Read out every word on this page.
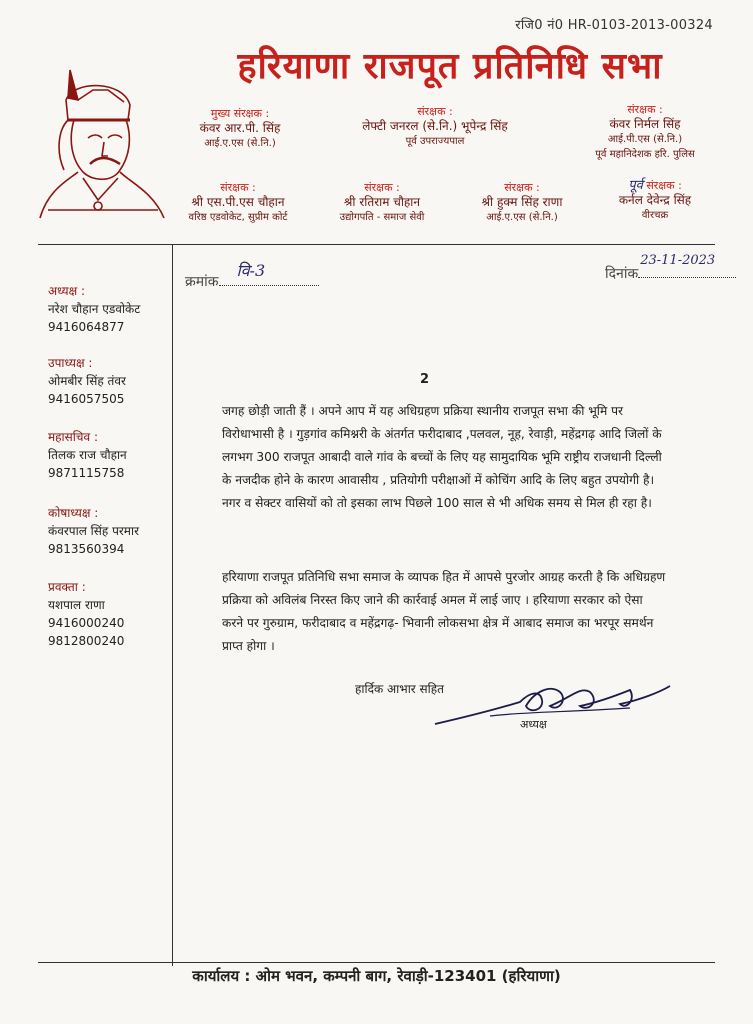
रजि0 नं0 HR-0103-2013-00324
हरियाणा राजपूत प्रतिनिधि सभा
मुख्य संरक्षक :
कंवर आर.पी. सिंह
आई.ए.एस (से.नि.)
संरक्षक :
लेफ्टी जनरल (से.नि.) भूपेन्द्र सिंह
पूर्व उपराज्यपाल
संरक्षक :
कंवर निर्मल सिंह
आई.पी.एस (से.नि.)
पूर्व महानिदेशक हरि. पुलिस
संरक्षक :
श्री एस.पी.एस चौहान
वरिष्ठ एडवोकेट, सुप्रीम कोर्ट
संरक्षक :
श्री रतिराम चौहान
उद्योगपति - समाज सेवी
संरक्षक :
श्री हुक्म सिंह राणा
आई.ए.एस (से.नि.)
पूर्व संरक्षक :
कर्नल देवेन्द्र सिंह
वीरचक्र
अध्यक्ष :
नरेश चौहान एडवोकेट
9416064877
उपाध्यक्ष :
ओमबीर सिंह तंवर
9416057505
महासचिव :
तिलक राज चौहान
9871115758
कोषाध्यक्ष :
कंवरपाल सिंह परमार
9813560394
प्रवक्ता :
यशपाल राणा
9416000240
9812800240
क्रमांक
वि-3	दिनांक
23-11-2023
2
जगह छोड़ी जाती हैं । अपने आप में यह अधिग्रहण प्रक्रिया स्थानीय राजपूत सभा की भूमि पर विरोधाभासी है । गुड़गांव कमिश्नरी के अंतर्गत फरीदाबाद ,पलवल, नूह, रेवाड़ी, महेंद्रगढ़ आदि जिलों के लगभग 300 राजपूत आबादी वाले गांव के बच्चों के लिए यह सामुदायिक भूमि राष्ट्रीय राजधानी दिल्ली के नजदीक होने के कारण आवासीय , प्रतियोगी परीक्षाओं में कोचिंग आदि के लिए बहुत उपयोगी है। नगर व सेक्टर वासियों को तो इसका लाभ पिछले 100 साल से भी अधिक समय से मिल ही रहा है।
हरियाणा राजपूत प्रतिनिधि सभा समाज के व्यापक हित में आपसे पुरजोर आग्रह करती है कि अधिग्रहण प्रक्रिया को अविलंब निरस्त किए जाने की कार्रवाई अमल में लाई जाए । हरियाणा सरकार को ऐसा करने पर गुरुग्राम, फरीदाबाद व महेंद्रगढ़- भिवानी लोकसभा क्षेत्र में आबाद समाज का भरपूर समर्थन प्राप्त होगा ।
हार्दिक आभार सहित
अध्यक्ष
कार्यालय : ओम भवन, कम्पनी बाग, रेवाड़ी-123401 (हरियाणा)
